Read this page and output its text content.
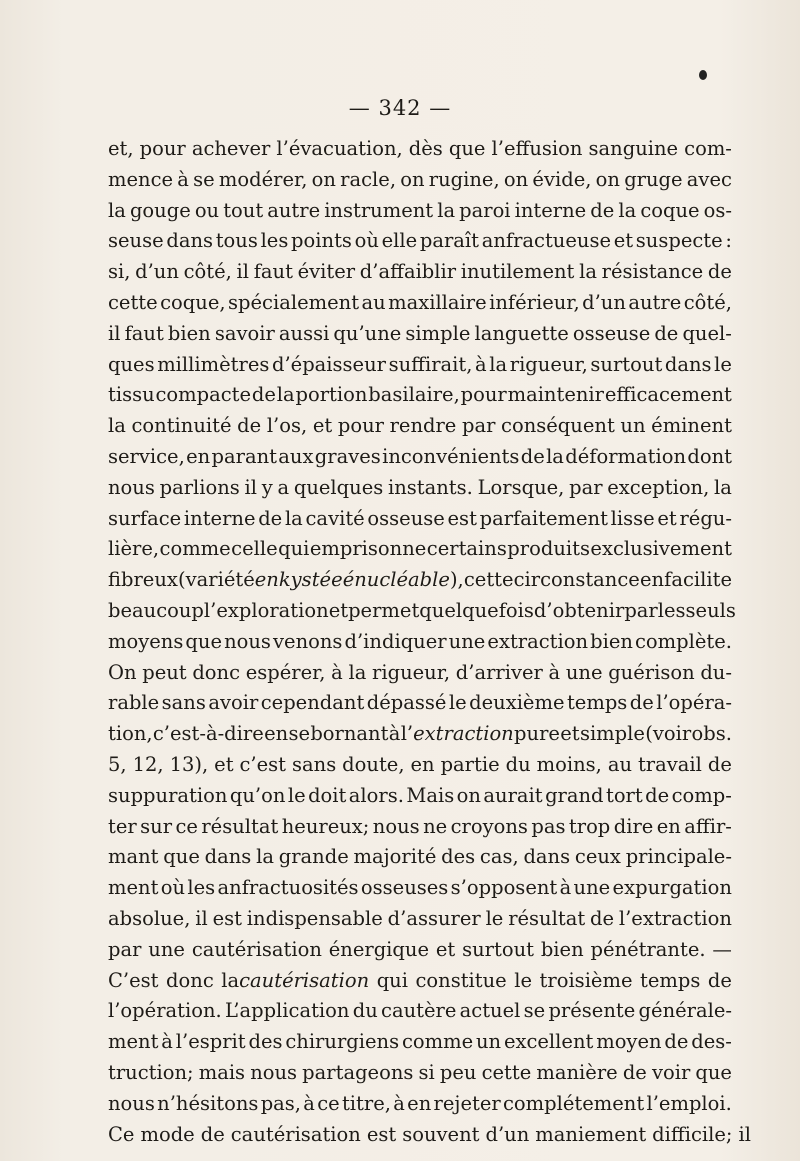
— 342 —
et, pour achever l’évacuation, dès que l’effusion sanguine com-
mence à se modérer, on racle, on rugine, on évide, on gruge avec
la gouge ou tout autre instrument la paroi interne de la coque os-
seuse dans tous les points où elle paraît anfractueuse et suspecte :
si, d’un côté, il faut éviter d’affaiblir inutilement la résistance de
cette coque, spécialement au maxillaire inférieur, d’un autre côté,
il faut bien savoir aussi qu’une simple languette osseuse de quel-
ques millimètres d’épaisseur suffirait, à la rigueur, surtout dans le
tissu compacte de la portion basilaire, pour maintenir efficacement
la continuité de l’os, et pour rendre par conséquent un éminent
service, en parant aux graves inconvénients de la déformation dont
nous parlions il y a quelques instants. Lorsque, par exception, la
surface interne de la cavité osseuse est parfaitement lisse et régu-
lière, comme celle qui emprisonne certains produits exclusivement
fibreux (variétéenkystée énucléable), cette circonstance en facilite
beaucoup l’exploration et permet quelquefois d’obtenir par les seuls
moyens que nous venons d’indiquer une extraction bien complète.
On peut donc espérer, à la rigueur, d’arriver à une guérison du-
rable sans avoir cependant dépassé le deuxième temps de l’opéra-
tion, c’est-à-dire en se bornant à l’extraction pure et simple (voir obs.
5, 12, 13), et c’est sans doute, en partie du moins, au travail de
suppuration qu’on le doit alors. Mais on aurait grand tort de comp-
ter sur ce résultat heureux; nous ne croyons pas trop dire en affir-
mant que dans la grande majorité des cas, dans ceux principale-
ment où les anfractuosités osseuses s’opposent à une expurgation
absolue, il est indispensable d’assurer le résultat de l’extraction
par une cautérisation énergique et surtout bien pénétrante. —
C’est donc lacautérisation qui constitue le troisième temps de
l’opération. L’application du cautère actuel se présente générale-
ment à l’esprit des chirurgiens comme un excellent moyen de des-
truction; mais nous partageons si peu cette manière de voir que
nous n’hésitons pas, à ce titre, à en rejeter complétement l’emploi.
Ce mode de cautérisation est souvent d’un maniement difficile; il
